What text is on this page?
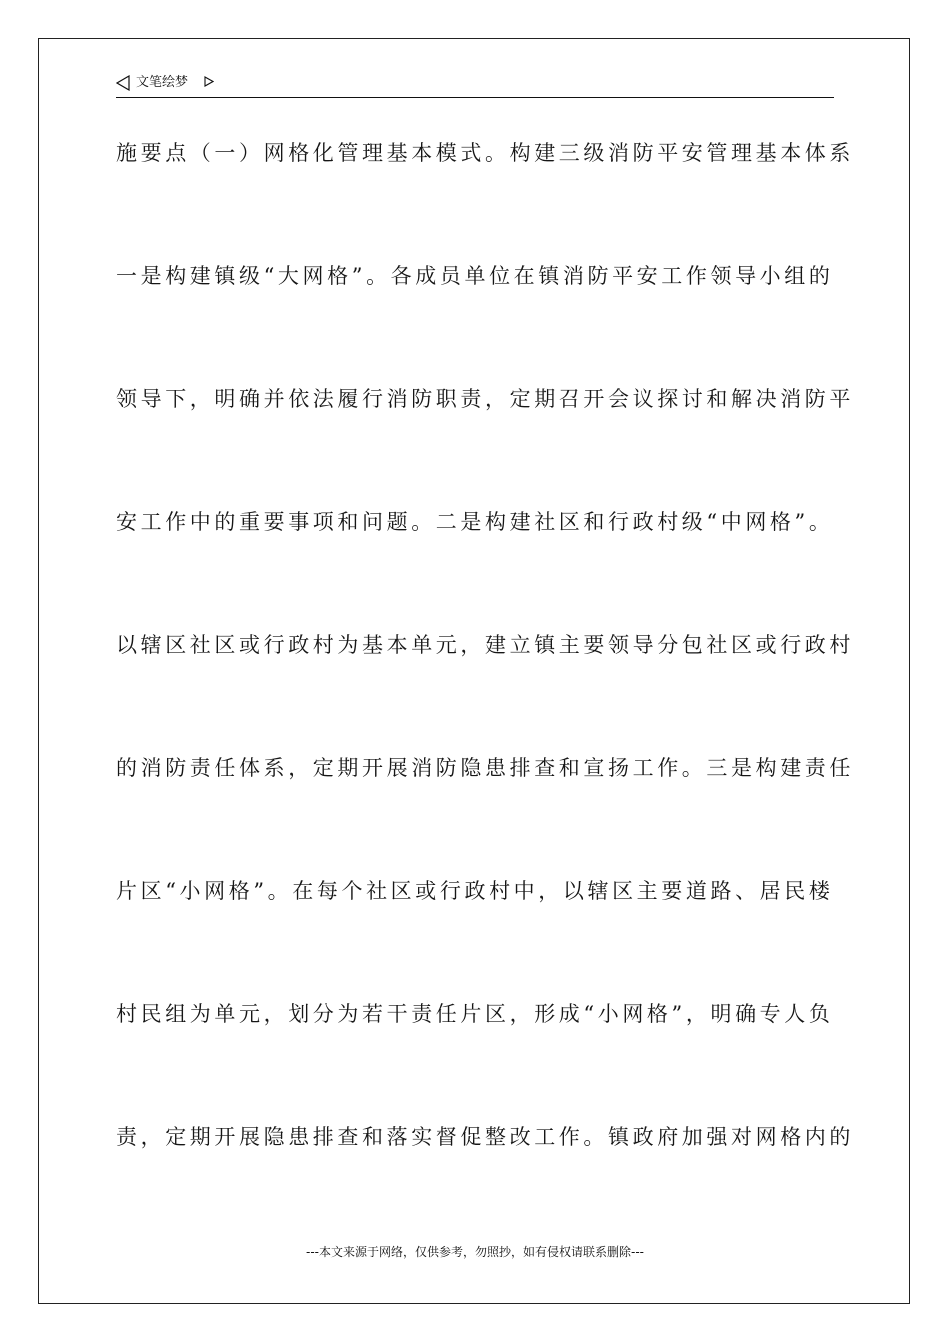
文笔绘梦
施要点（一）网格化管理基本模式。构建三级消防平安管理基本体系
一是构建镇级“大网格”。各成员单位在镇消防平安工作领导小组的
领导下，明确并依法履行消防职责，定期召开会议探讨和解决消防平
安工作中的重要事项和问题。二是构建社区和行政村级“中网格”。
以辖区社区或行政村为基本单元，建立镇主要领导分包社区或行政村
的消防责任体系，定期开展消防隐患排查和宣扬工作。三是构建责任
片区“小网格”。在每个社区或行政村中，以辖区主要道路、居民楼
村民组为单元，划分为若干责任片区，形成“小网格”，明确专人负
责，定期开展隐患排查和落实督促整改工作。镇政府加强对网格内的
---本文来源于网络，仅供参考，勿照抄，如有侵权请联系删除---
